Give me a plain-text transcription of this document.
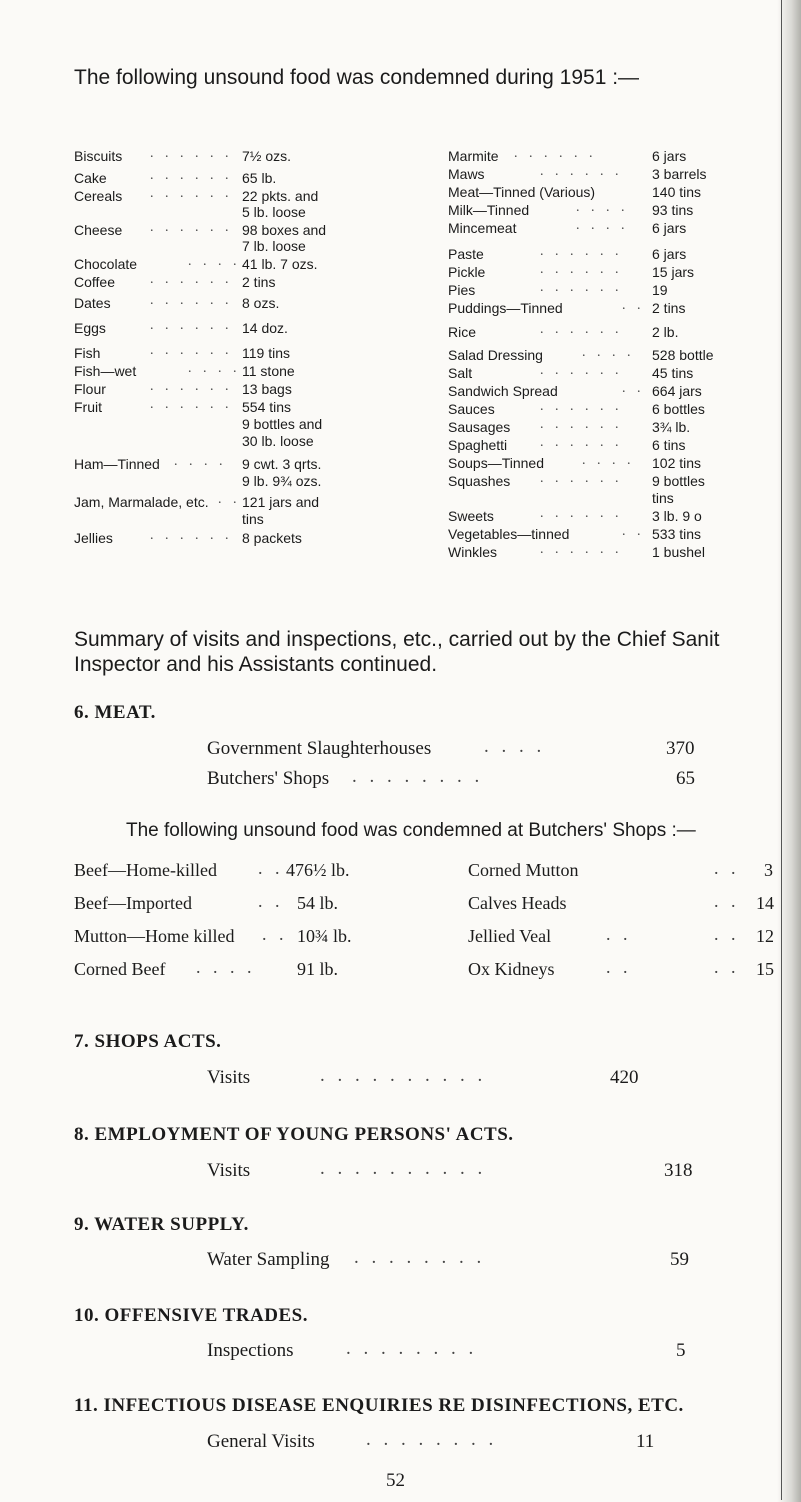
The following unsound food was condemned during 1951 :—
Biscuits . . . . . . 7½ ozs.
Cake	. . . . . . 65 lb.
Cereals . . . . . . 22 pkts. and
5 lb. loose
Cheese . . . . . . 98 boxes and
7 lb. loose
Chocolate	. . . . 41 lb. 7 ozs.
Coffee	. . . . . . 2 tins
Dates	. . . . . . 8 ozs.
Eggs	. . . . . . 14 doz.
Fish	. . . . . . 119 tins
Fish—wet	. . . . 11 stone
Flour	. . . . . . 13 bags
Fruit	. . . . . . 554 tins
9 bottles and
30 lb. loose
Ham—Tinned . . . . 9 cwt. 3 qrts.
9 lb. 9¾ ozs.
Jam, Marmalade, etc. . . 121 jars and
tins
Jellies	. . . . . . 8 packets
Marmite . . . . . .	6 jars
Maws	. . . . . . 3 barrels
Meat—Tinned (Various)	140 tins
Milk—Tinned	. . . . 93 tins
Mincemeat	. . . . 6 jars
Paste	. . . . . . 6 jars
Pickle	. . . . . . 15 jars
Pies	. . . . . . 19
Puddings—Tinned	. . 2 tins
Rice	. . . . . . 2 lb.
Salad Dressing	. . . . 528 bottle
Salt	. . . . . . 45 tins
Sandwich Spread	. . 664 jars
Sauces	. . . . . . 6 bottles
Sausages . . . . . . 3¾ lb.
Spaghetti . . . . . . 6 tins
Soups—Tinned	. . . . 102 tins
Squashes . . . . . . 9 bottles
tins
Sweets	. . . . . . 3 lb. 9 o
Vegetables—tinned	. . 533 tins
Winkles	. . . . . . 1 bushel
Summary of visits and inspections, etc., carried out by the Chief Sanit Inspector and his Assistants continued.
6. MEAT.
Government Slaughterhouses	. . . .	370
Butchers' Shops . . . . . . . .	65
The following unsound food was condemned at Butchers' Shops :—
Beef—Home-killed . . 476½ lb.
Beef—Imported	. . 54 lb.
Mutton—Home killed . . 10¾ lb.
Corned Beef . . . . 91 lb.
Corned Mutton	. . 3
Calves Heads	. . 14
Jellied Veal	. .	. . 12
Ox Kidneys	. .	. . 15
7. SHOPS ACTS.
Visits	. . . . . . . . . .	420
8. EMPLOYMENT OF YOUNG PERSONS' ACTS.
Visits	. . . . . . . . . .	318
9. WATER SUPPLY.
Water Sampling . . . . . . . .	59
10. OFFENSIVE TRADES.
Inspections	. . . . . . . .	5
11. INFECTIOUS DISEASE ENQUIRIES RE DISINFECTIONS, ETC.
General Visits	. . . . . . . .	11
52
